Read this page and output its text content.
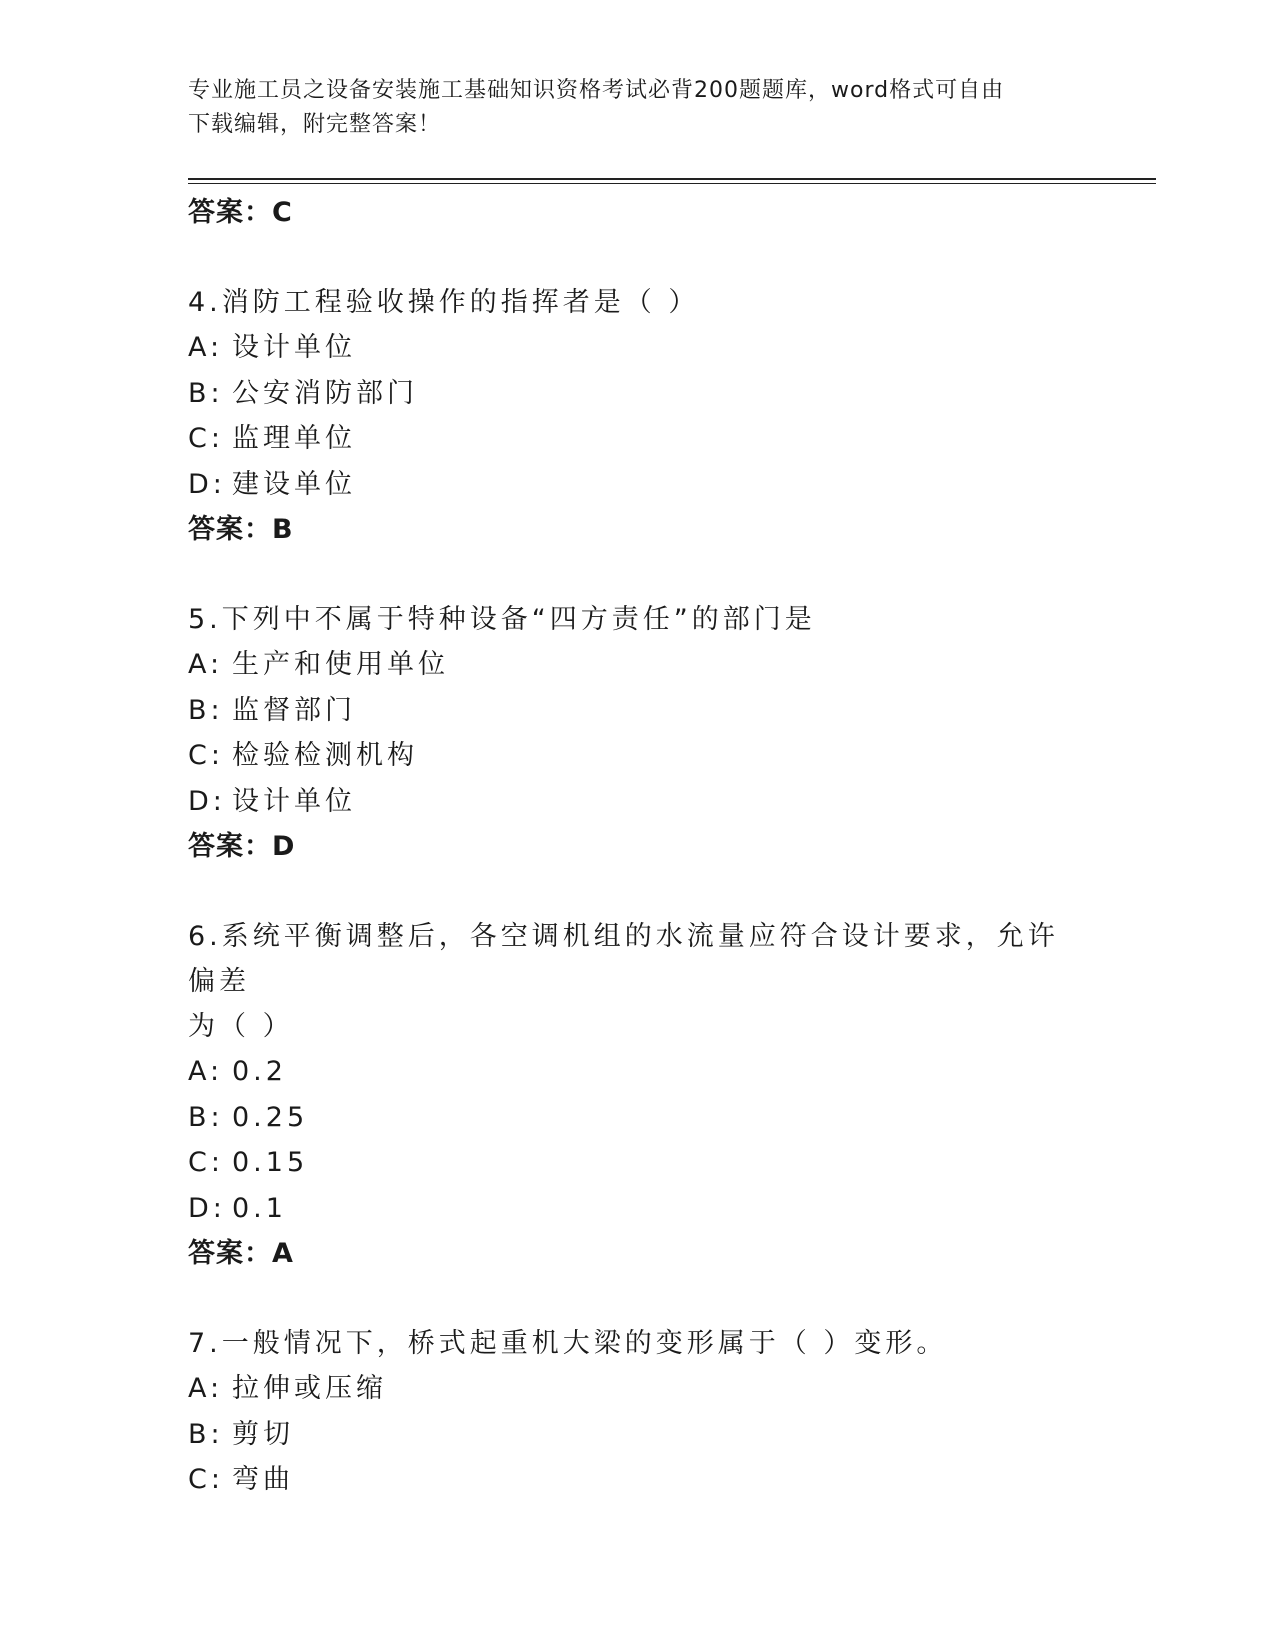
专业施工员之设备安装施工基础知识资格考试必背200题题库，word格式可自由
下载编辑，附完整答案！
答案：C
4.消防工程验收操作的指挥者是（ ）
A: 设计单位
B: 公安消防部门
C: 监理单位
D: 建设单位
答案：B
5.下列中不属于特种设备“四方责任”的部门是
A: 生产和使用单位
B: 监督部门
C: 检验检测机构
D: 设计单位
答案：D
6.系统平衡调整后，各空调机组的水流量应符合设计要求，允许偏差
为（ ）
A: 0.2
B: 0.25
C: 0.15
D: 0.1
答案：A
7.一般情况下，桥式起重机大梁的变形属于（ ）变形。
A: 拉伸或压缩
B: 剪切
C: 弯曲
